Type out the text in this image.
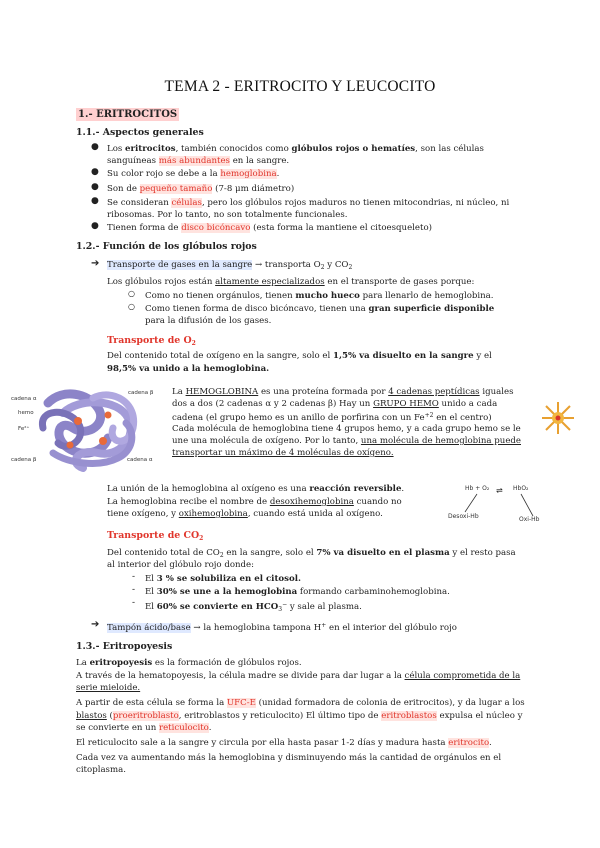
TEMA 2 - ERITROCITO Y LEUCOCITO
1.- ERITROCITOS
1.1.- Aspectos generales
● Los eritrocitos, también conocidos como glóbulos rojos o hematíes, son las células
sanguíneas más abundantes en la sangre.
● Su color rojo se debe a la hemoglobina.
● Son de pequeño tamaño (7-8 μm diámetro)
● Se consideran células, pero los glóbulos rojos maduros no tienen mitocondrias, ni núcleo, ni
ribosomas. Por lo tanto, no son totalmente funcionales.
● Tienen forma de disco bicóncavo (esta forma la mantiene el citoesqueleto)
1.2.- Función de los glóbulos rojos
➔ Transporte de gases en la sangre → transporta $O_2$ y $CO_2$
Los glóbulos rojos están altamente especializados en el transporte de gases porque:
○ Como no tienen orgánulos, tienen mucho hueco para llenarlo de hemoglobina.
○ Como tienen forma de disco bicóncavo, tienen una gran superficie disponible
para la difusión de los gases.
Transporte de $O_2$
Del contenido total de oxígeno en la sangre, solo el 1,5% va disuelto en la sangre y el
98,5% va unido a la hemoglobina.
cadena α
cadena β
hemo
Fe²⁺
cadena β	cadena α
La HEMOGLOBINA es una proteína formada por 4 cadenas peptídicas iguales
dos a dos (2 cadenas α y 2 cadenas β) Hay un GRUPO HEMO unido a cada
cadena (el grupo hemo es un anillo de porfirina con un $Fe^{+2}$ en el centro)
Cada molécula de hemoglobina tiene 4 grupos hemo, y a cada grupo hemo se le
une una molécula de oxígeno. Por lo tanto, una molécula de hemoglobina puede
transportar un máximo de 4 moléculas de oxígeno.
La unión de la hemoglobina al oxígeno es una reacción reversible.
La hemoglobina recibe el nombre de desoxihemoglobina cuando no
tiene oxígeno, y oxihemoglobina, cuando está unida al oxígeno.
Hb + O₂ ⇌ HbO₂
Desoxi-Hb	Oxi-Hb
Transporte de $CO_2$
Del contenido total de $CO_2$ en la sangre, solo el 7% va disuelto en el plasma y el resto pasa
al interior del glóbulo rojo donde:
- El 3 % se solubiliza en el citosol.
- El 30% se une a la hemoglobina formando carbaminohemoglobina.
- El 60% se convierte en $HCO_3^-$ y sale al plasma.
➔ Tampón ácido/base → la hemoglobina tampona H+ en el interior del glóbulo rojo
1.3.- Eritropoyesis
La eritropoyesis es la formación de glóbulos rojos.
A través de la hematopoyesis, la célula madre se divide para dar lugar a la célula comprometida de la
serie mieloide.
A partir de esta célula se forma la UFC-E (unidad formadora de colonia de eritrocitos), y da lugar a los
blastos (proeritroblasto, eritroblastos y reticulocito) El último tipo de eritroblastos expulsa el núcleo y
se convierte en un reticulocito.
El reticulocito sale a la sangre y circula por ella hasta pasar 1-2 días y madura hasta eritrocito.
Cada vez va aumentando más la hemoglobina y disminuyendo más la cantidad de orgánulos en el
citoplasma.
